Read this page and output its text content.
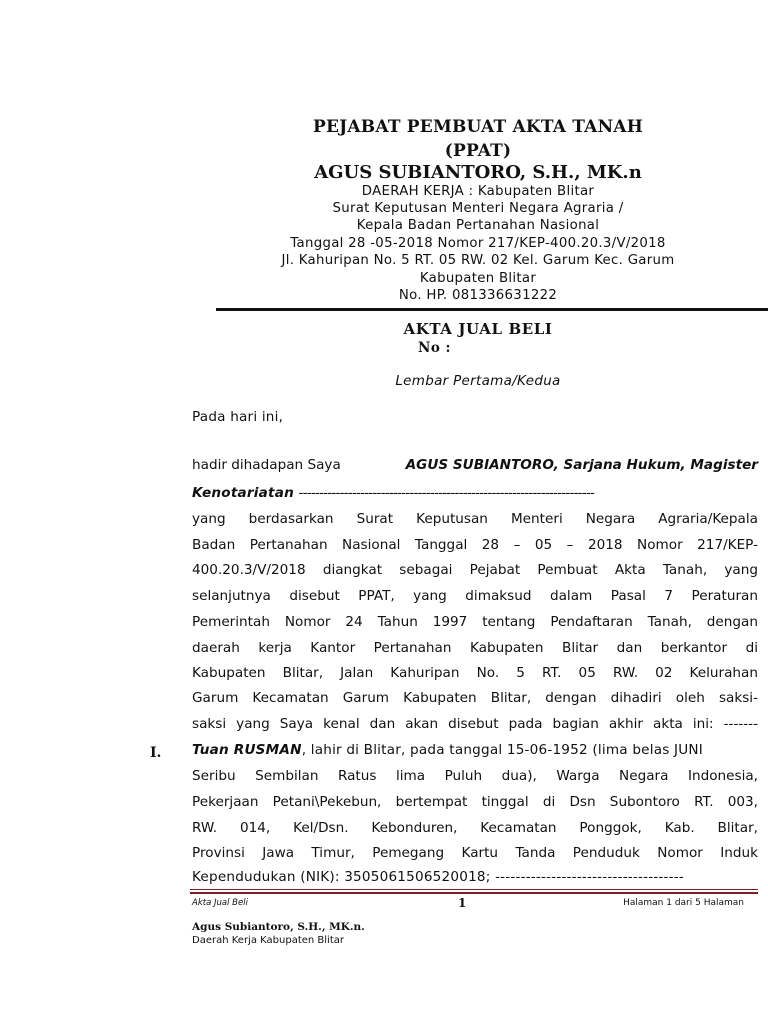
PEJABAT PEMBUAT AKTA TANAH
(PPAT)
AGUS SUBIANTORO, S.H., MK.n
DAERAH KERJA : Kabupaten Blitar
Surat Keputusan Menteri Negara Agraria /
Kepala Badan Pertanahan Nasional
Tanggal 28 -05-2018 Nomor 217/KEP-400.20.3/V/2018
Jl. Kahuripan No. 5 RT. 05 RW. 02 Kel. Garum Kec. Garum
Kabupaten Blitar
No. HP. 081336631222
AKTA JUAL BELI
No :
Lembar Pertama/Kedua
Pada hari ini,
hadir dihadapan Saya	AGUS SUBIANTORO, Sarjana Hukum, Magister
Kenotariatan ------------------------------------------------------------------------
yang berdasarkan Surat Keputusan Menteri Negara Agraria/Kepala
Badan Pertanahan Nasional Tanggal 28 – 05 – 2018 Nomor 217/KEP-
400.20.3/V/2018 diangkat sebagai Pejabat Pembuat Akta Tanah, yang
selanjutnya disebut PPAT, yang dimaksud dalam Pasal 7 Peraturan
Pemerintah Nomor 24 Tahun 1997 tentang Pendaftaran Tanah, dengan
daerah kerja Kantor Pertanahan Kabupaten Blitar dan berkantor di
Kabupaten Blitar, Jalan Kahuripan No. 5 RT. 05 RW. 02 Kelurahan
Garum Kecamatan Garum Kabupaten Blitar, dengan dihadiri oleh saksi-
saksi yang Saya kenal dan akan disebut pada bagian akhir akta ini: -------
I. Tuan RUSMAN, lahir di Blitar, pada tanggal 15-06-1952 (lima belas JUNI
Seribu Sembilan Ratus lima Puluh dua), Warga Negara Indonesia,
Pekerjaan Petani\Pekebun, bertempat tinggal di Dsn Subontoro RT. 003,
RW. 014, Kel/Dsn. Kebonduren, Kecamatan Ponggok, Kab. Blitar,
Provinsi Jawa Timur, Pemegang Kartu Tanda Penduduk Nomor Induk
Kependudukan (NIK): 3505061506520018; -------------------------------------
Akta Jual Beli	1	Halaman 1 dari 5 Halaman
Agus Subiantoro, S.H., MK.n.
Daerah Kerja Kabupaten Blitar
